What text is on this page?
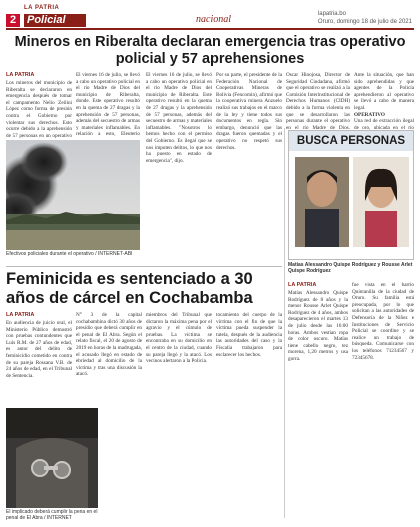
2
LA PATRIA
Policial	nacional	lapatria.bo
Oruro, domingo 18 de julio de 2021
Mineros en Riberalta declaran emergencia tras operativo policial y 57 aprehensiones
LA PATRIA
Los mineros del municipio de Riberalta se declararon en emergencia después de tomar el campamento Nelio Zeilini López como forma de presión contra el Gobierno por violentar sus derechos. Esto ocurre debido a la aprehensión de 57 personas en un operativo
El viernes 16 de julio, se llevó a cabo un operativo policial en el río Madre de Dios del municipio de Riberalta, donde. Este operativo resultó en la quema de 27 dragas y la aprehensión de 57 personas, además del secuestro de armas y materiales inflamables. En relación a esto, Eleuterio
Efectivos policiales durante el operativo / INTERNET-ABI
El viernes 16 de julio, se llevó a cabo un operativo policial en el río Madre de Dios del municipio de Riberalta. Este operativo resultó en la quema de 27 dragas y la aprehensión de 57 personas, además del secuestro de armas y materiales inflamables. "Nosotros lo hemos hecho con el permiso del Gobierno. Es ilegal que se nos imputen delitos, lo que nos ha puesto en estado de emergencia", dijo.
Por su parte, el presidente de la Federación Nacional de Cooperativas Mineras de Bolivia (Fencomin), afirmó que la cooperativa minera Anzuelo realizó sus trabajos en el marco de la ley y tiene todos sus documentos en regla. Sin embargo, denunció que las dragas fueron quemadas y el operativo no respetó sus derechos.
Oscar Hinojosa, Director de Seguridad Ciudadana, afirmó que el operativo se realizó a la Comisión Interinstitucional de Derechos Humanos (CIDH) debido a la forma violenta en que se desarrollaron las personas durante el operativo en el río Madre de Dios.
Ante la situación, que han sido aprehendidas y que agentes de la Policía aprehendieron al operativo se llevó a cabo de manera legal.
OPERATIVO
Una red de extracción ilegal de oro, ubicada en el río
BUSCA PERSONAS
Matías Alessandro Quispe Rodríguez y Rousse Arlet Quispe Rodríguez
Feminicida es sentenciado a 30 años de cárcel en Cochabamba
LA PATRIA
En audiencia de juicio oral, el Ministerio Público demostró con pruebas contundentes que Luis R.M. de 27 años de edad, es autor del delito de feminicidio cometido en contra de su pareja Rossana V.B. de 24 años de edad, en el Tribunal de Sentencia.
N° 3 de la capital cochabambina dictó 30 años de presidio que deberá cumplir en el penal de El Abra. Según el relato fiscal, el 20 de agosto de 2019 en horas de la madrugada, el acusado llegó en estado de ebriedad al domicilio de la víctima y tras una discusión la atacó.
miembros del Tribunal que dictaron la máxima pena por el agravio y el cúmulo de pruebas. La víctima se encontraba en su domicilio en el centro de la ciudad, cuando su pareja llegó y la atacó. Los vecinos alertaron a la Policía.
tocamiento del cuerpo de la víctima con el fin de que la víctima pueda suspender la tutela, después de la audiencia las autoridades del caso y la Fiscalía trabajaron para esclarecer los hechos.
El implicado deberá cumplir la pena en el penal de El Abra / INTERNET
LA PATRIA
Matías Alessandro Quispe Rodríguez de 8 años y la menor Rousse Arlet Quispe Rodríguez de 4 años, ambos desaparecieron el martes 13 de julio desde las 16:00 horas. Ambos vestían ropa de color oscuro. Matías tiene cabello negro, tez morena, 1,20 metros y usa gorra.
fue vista en el barrio Quintanilla de la ciudad de Oruro. Su familia está preocupada, por lo que solicitan a las autoridades de Defensoría de la Niñez e Instituciones de Servicio Policial se coordine y se realice un trabajo de búsqueda. Comunicarse con los teléfonos 71234567 y 72345678.
